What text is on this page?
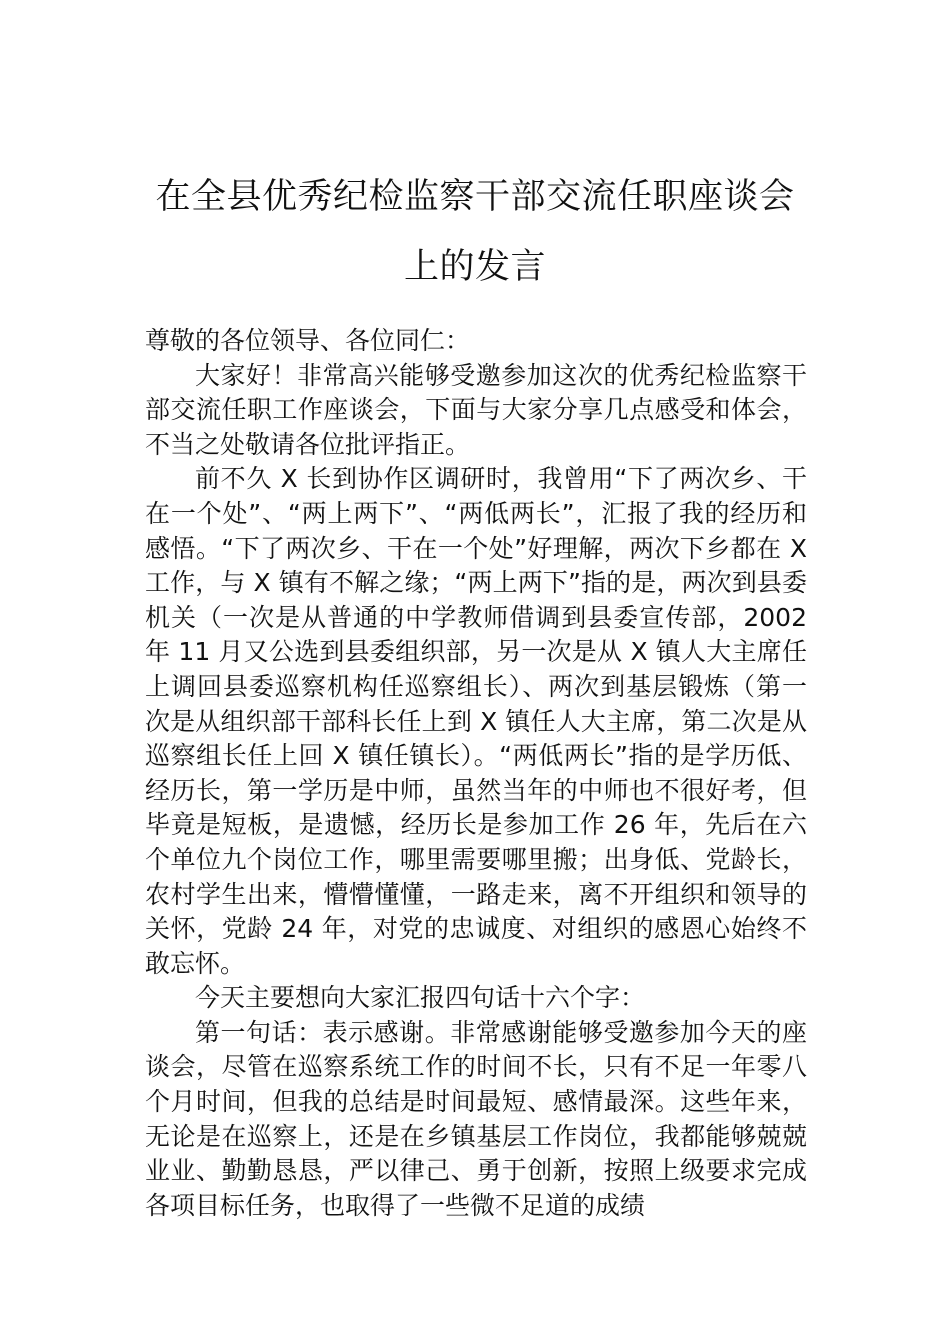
在全县优秀纪检监察干部交流任职座谈会上的发言

尊敬的各位领导、各位同仁：

大家好！非常高兴能够受邀参加这次的优秀纪检监察干部交流任职工作座谈会，下面与大家分享几点感受和体会，不当之处敬请各位批评指正。

前不久 X 长到协作区调研时，我曾用“下了两次乡、干在一个处”、“两上两下”、“两低两长”，汇报了我的经历和感悟。“下了两次乡、干在一个处”好理解，两次下乡都在 X 工作，与 X 镇有不解之缘；“两上两下”指的是，两次到县委机关（一次是从普通的中学教师借调到县委宣传部，2002 年 11 月又公选到县委组织部，另一次是从 X 镇人大主席任上调回县委巡察机构任巡察组长）、两次到基层锻炼（第一次是从组织部干部科长任上到 X 镇任人大主席，第二次是从巡察组长任上回 X 镇任镇长）。“两低两长”指的是学历低、经历长，第一学历是中师，虽然当年的中师也不很好考，但毕竟是短板，是遗憾，经历长是参加工作 26 年，先后在六个单位九个岗位工作，哪里需要哪里搬；出身低、党龄长，农村学生出来，懵懵懂懂，一路走来，离不开组织和领导的关怀，党龄 24 年，对党的忠诚度、对组织的感恩心始终不敢忘怀。

今天主要想向大家汇报四句话十六个字：

第一句话：表示感谢。非常感谢能够受邀参加今天的座谈会，尽管在巡察系统工作的时间不长，只有不足一年零八个月时间，但我的总结是时间最短、感情最深。这些年来，无论是在巡察上，还是在乡镇基层工作岗位，我都能够兢兢业业、勤勤恳恳，严以律己、勇于创新，按照上级要求完成各项目标任务，也取得了一些微不足道的成绩
